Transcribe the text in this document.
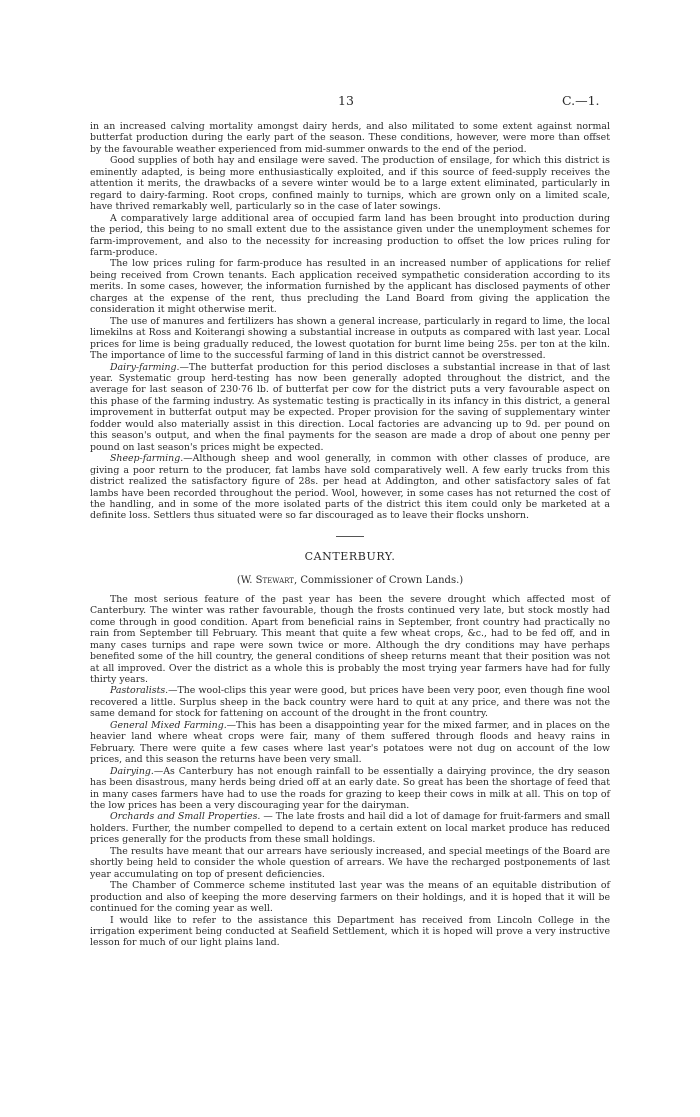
13	C.—1.

in an increased calving mortality amongst dairy herds, and also militated to some extent against normal butterfat production during the early part of the season. These conditions, however, were more than offset by the favourable weather experienced from mid-summer onwards to the end of the period.

Good supplies of both hay and ensilage were saved. The production of ensilage, for which this district is eminently adapted, is being more enthusiastically exploited, and if this source of feed-supply receives the attention it merits, the drawbacks of a severe winter would be to a large extent eliminated, particularly in regard to dairy-farming. Root crops, confined mainly to turnips, which are grown only on a limited scale, have thrived remarkably well, particularly so in the case of later sowings.

A comparatively large additional area of occupied farm land has been brought into production during the period, this being to no small extent due to the assistance given under the unemployment schemes for farm-improvement, and also to the necessity for increasing production to offset the low prices ruling for farm-produce.

The low prices ruling for farm-produce has resulted in an increased number of applications for relief being received from Crown tenants. Each application received sympathetic consideration according to its merits. In some cases, however, the information furnished by the applicant has disclosed payments of other charges at the expense of the rent, thus precluding the Land Board from giving the application the consideration it might otherwise merit.

The use of manures and fertilizers has shown a general increase, particularly in regard to lime, the local limekilns at Ross and Koiterangi showing a substantial increase in outputs as compared with last year. Local prices for lime is being gradually reduced, the lowest quotation for burnt lime being 25s. per ton at the kiln. The importance of lime to the successful farming of land in this district cannot be overstressed.

Dairy-farming.—The butterfat production for this period discloses a substantial increase in that of last year. Systematic group herd-testing has now been generally adopted throughout the district, and the average for last season of 230·76 lb. of butterfat per cow for the district puts a very favourable aspect on this phase of the farming industry. As systematic testing is practically in its infancy in this district, a general improvement in butterfat output may be expected. Proper provision for the saving of supplementary winter fodder would also materially assist in this direction. Local factories are advancing up to 9d. per pound on this season's output, and when the final payments for the season are made a drop of about one penny per pound on last season's prices might be expected.

Sheep-farming.—Although sheep and wool generally, in common with other classes of produce, are giving a poor return to the producer, fat lambs have sold comparatively well. A few early trucks from this district realized the satisfactory figure of 28s. per head at Addington, and other satisfactory sales of fat lambs have been recorded throughout the period. Wool, however, in some cases has not returned the cost of the handling, and in some of the more isolated parts of the district this item could only be marketed at a definite loss. Settlers thus situated were so far discouraged as to leave their flocks unshorn.

CANTERBURY.
(W. Stewart, Commissioner of Crown Lands.)

The most serious feature of the past year has been the severe drought which affected most of Canterbury. The winter was rather favourable, though the frosts continued very late, but stock mostly had come through in good condition. Apart from beneficial rains in September, front country had practically no rain from September till February. This meant that quite a few wheat crops, &c., had to be fed off, and in many cases turnips and rape were sown twice or more. Although the dry conditions may have perhaps benefited some of the hill country, the general conditions of sheep returns meant that their position was not at all improved. Over the district as a whole this is probably the most trying year farmers have had for fully thirty years.

Pastoralists.—The wool-clips this year were good, but prices have been very poor, even though fine wool recovered a little. Surplus sheep in the back country were hard to quit at any price, and there was not the same demand for stock for fattening on account of the drought in the front country.

General Mixed Farming.—This has been a disappointing year for the mixed farmer, and in places on the heavier land where wheat crops were fair, many of them suffered through floods and heavy rains in February. There were quite a few cases where last year's potatoes were not dug on account of the low prices, and this season the returns have been very small.

Dairying.—As Canterbury has not enough rainfall to be essentially a dairying province, the dry season has been disastrous, many herds being dried off at an early date. So great has been the shortage of feed that in many cases farmers have had to use the roads for grazing to keep their cows in milk at all. This on top of the low prices has been a very discouraging year for the dairyman.

Orchards and Small Properties. — The late frosts and hail did a lot of damage for fruit-farmers and small holders. Further, the number compelled to depend to a certain extent on local market produce has reduced prices generally for the products from these small holdings.

The results have meant that our arrears have seriously increased, and special meetings of the Board are shortly being held to consider the whole question of arrears. We have the recharged postponements of last year accumulating on top of present deficiencies.

The Chamber of Commerce scheme instituted last year was the means of an equitable distribution of production and also of keeping the more deserving farmers on their holdings, and it is hoped that it will be continued for the coming year as well.

I would like to refer to the assistance this Department has received from Lincoln College in the irrigation experiment being conducted at Seafield Settlement, which it is hoped will prove a very instructive lesson for much of our light plains land.
